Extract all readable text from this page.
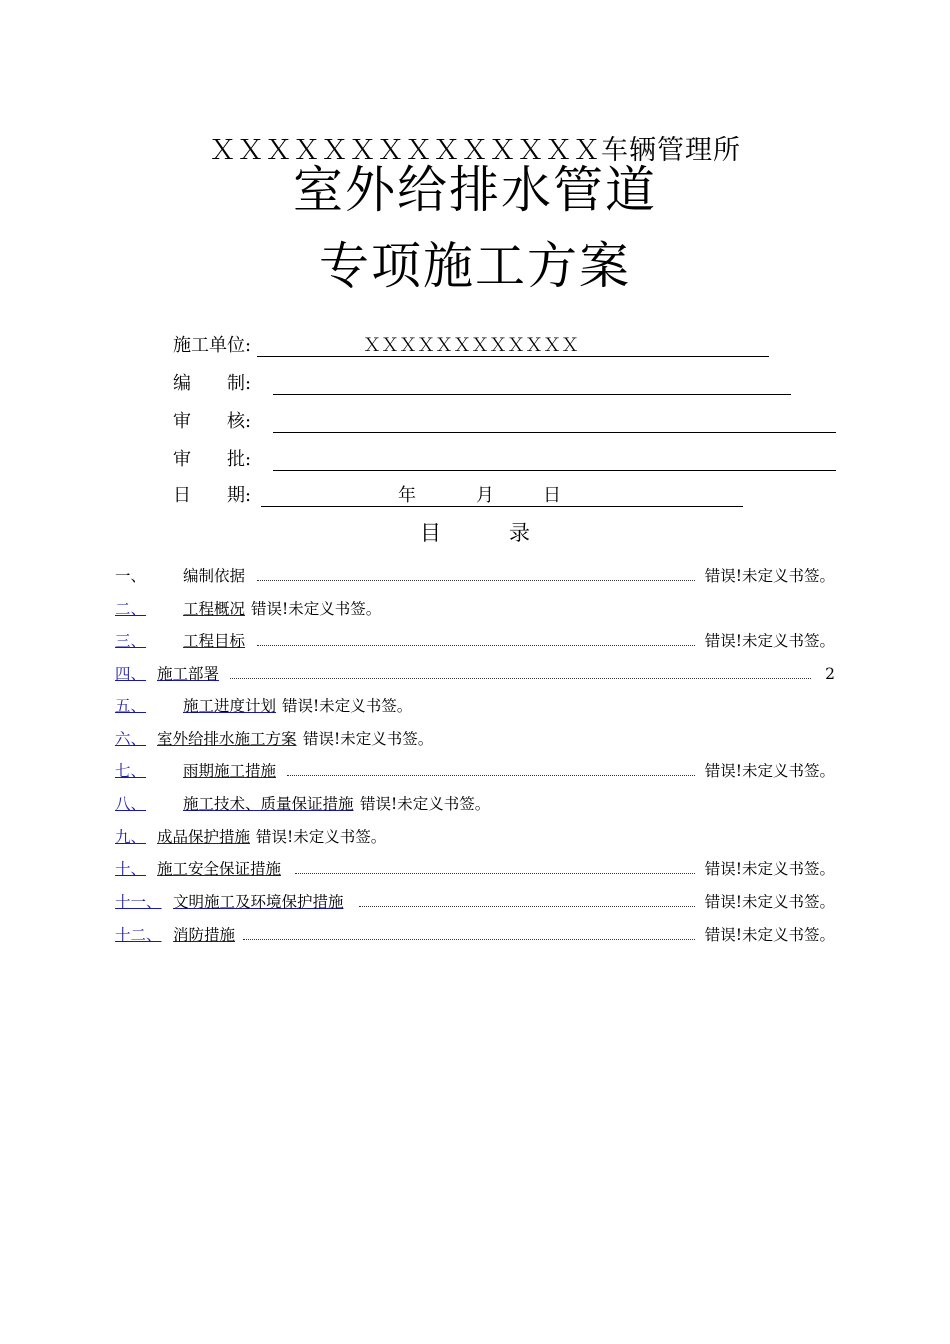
ＸＸＸＸＸＸＸＸＸＸＸＸＸＸ车辆管理所
室外给排水管道
专项施工方案
施工单位:	ＸＸＸＸＸＸＸＸＸＸＸＸ
编　　制:
审　　核:
审　　批:
日　　期:	年	月	日
目	录
一、 编制依据	错误!未定义书签。
二、 工程概况 错误!未定义书签。
三、 工程目标	错误!未定义书签。
四、 施工部署	2
五、 施工进度计划 错误!未定义书签。
六、 室外给排水施工方案 错误!未定义书签。
七、 雨期施工措施	错误!未定义书签。
八、 施工技术、质量保证措施 错误!未定义书签。
九、 成品保护措施 错误!未定义书签。
十、 施工安全保证措施	错误!未定义书签。
十一、 文明施工及环境保护措施	错误!未定义书签。
十二、 消防措施	错误!未定义书签。
